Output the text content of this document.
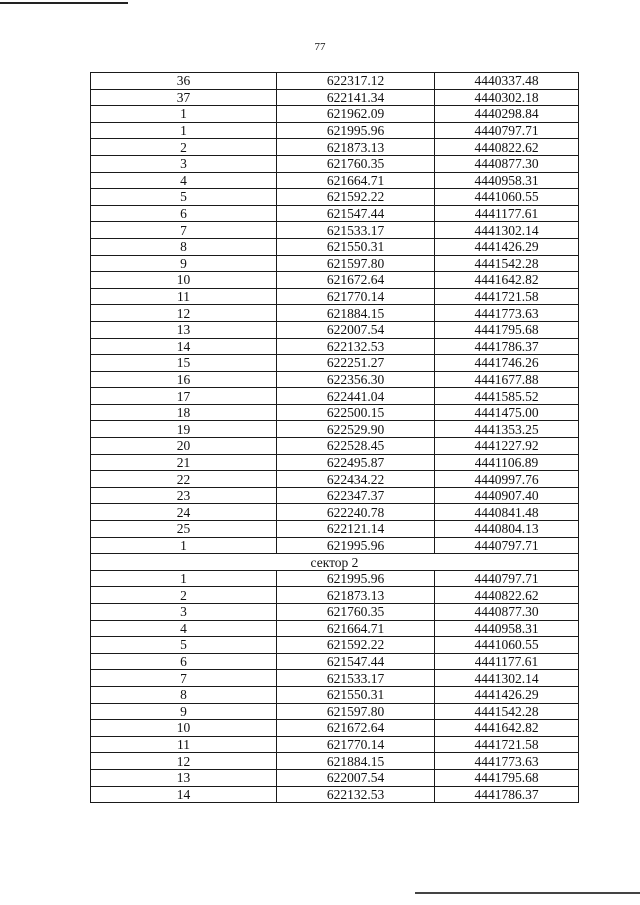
77
36	622317.12	4440337.48
37	622141.34	4440302.18
1	621962.09	4440298.84
1	621995.96	4440797.71
2	621873.13	4440822.62
3	621760.35	4440877.30
4	621664.71	4440958.31
5	621592.22	4441060.55
6	621547.44	4441177.61
7	621533.17	4441302.14
8	621550.31	4441426.29
9	621597.80	4441542.28
10	621672.64	4441642.82
11	621770.14	4441721.58
12	621884.15	4441773.63
13	622007.54	4441795.68
14	622132.53	4441786.37
15	622251.27	4441746.26
16	622356.30	4441677.88
17	622441.04	4441585.52
18	622500.15	4441475.00
19	622529.90	4441353.25
20	622528.45	4441227.92
21	622495.87	4441106.89
22	622434.22	4440997.76
23	622347.37	4440907.40
24	622240.78	4440841.48
25	622121.14	4440804.13
1	621995.96	4440797.71
сектор 2		
1	621995.96	4440797.71
2	621873.13	4440822.62
3	621760.35	4440877.30
4	621664.71	4440958.31
5	621592.22	4441060.55
6	621547.44	4441177.61
7	621533.17	4441302.14
8	621550.31	4441426.29
9	621597.80	4441542.28
10	621672.64	4441642.82
11	621770.14	4441721.58
12	621884.15	4441773.63
13	622007.54	4441795.68
14	622132.53	4441786.37
